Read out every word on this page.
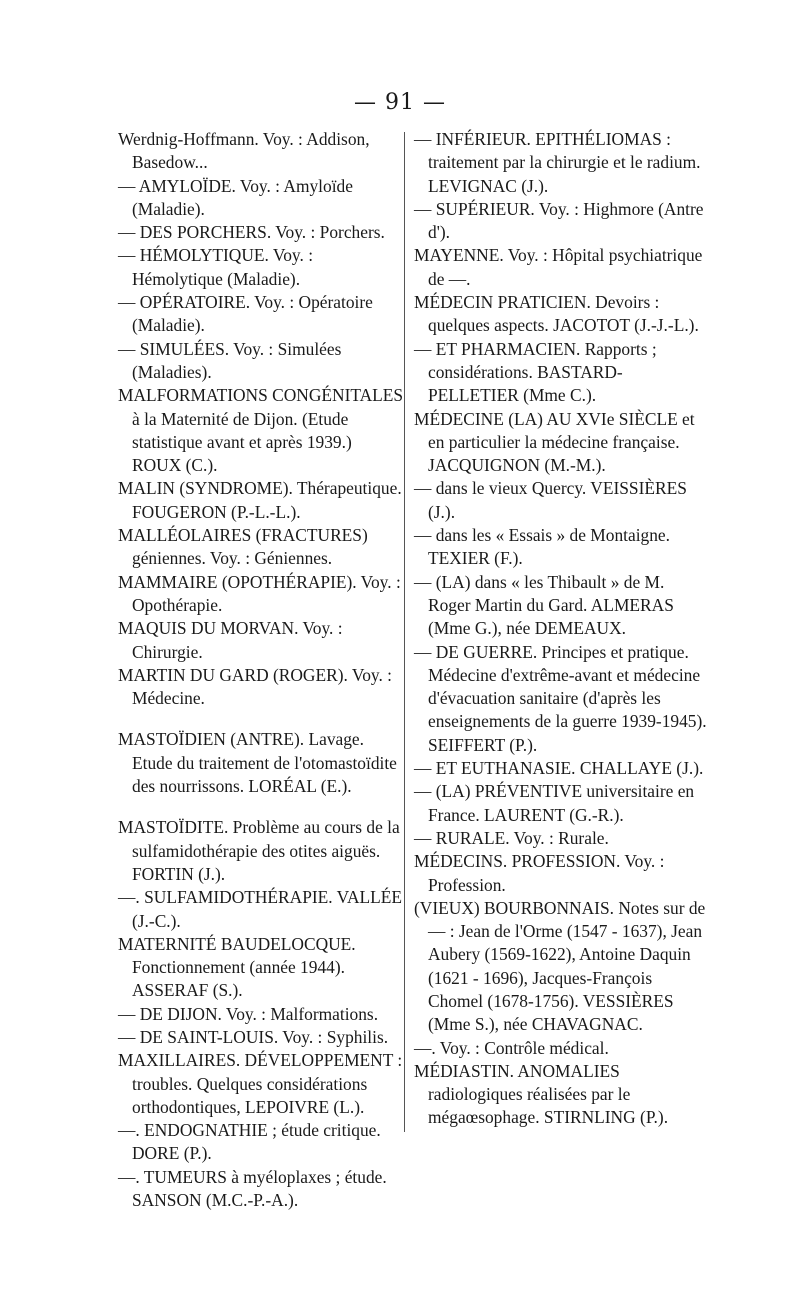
— 91 —

Werdnig-Hoffmann. Voy. : Addison, Basedow...

— AMYLOÏDE. Voy. : Amyloïde (Maladie).

— DES PORCHERS. Voy. : Porchers.

— HÉMOLYTIQUE. Voy. : Hémolytique (Maladie).

— OPÉRATOIRE. Voy. : Opératoire (Maladie).

— SIMULÉES. Voy. : Simulées (Maladies).

MALFORMATIONS CONGÉNITALES à la Maternité de Dijon. (Etude statistique avant et après 1939.) ROUX (C.).

MALIN (SYNDROME). Thérapeutique. FOUGERON (P.-L.-L.).

MALLÉOLAIRES (FRACTURES) géniennes. Voy. : Géniennes.

MAMMAIRE (OPOTHÉRAPIE). Voy. : Opothérapie.

MAQUIS DU MORVAN. Voy. : Chirurgie.

MARTIN DU GARD (ROGER). Voy. : Médecine.

MASTOÏDIEN (ANTRE). Lavage. Etude du traitement de l'otomastoïdite des nourrissons. LORÉAL (E.).

MASTOÏDITE. Problème au cours de la sulfamidothérapie des otites aiguës. FORTIN (J.).

—. SULFAMIDOTHÉRAPIE. VALLÉE (J.-C.).

MATERNITÉ BAUDELOCQUE. Fonctionnement (année 1944). ASSERAF (S.).

— DE DIJON. Voy. : Malformations.

— DE SAINT-LOUIS. Voy. : Syphilis.

MAXILLAIRES. DÉVELOPPEMENT : troubles. Quelques considérations orthodontiques, LEPOIVRE (L.).

—. ENDOGNATHIE ; étude critique. DORE (P.).

—. TUMEURS à myéloplaxes ; étude. SANSON (M.C.-P.-A.).

— INFÉRIEUR. EPITHÉLIOMAS : traitement par la chirurgie et le radium. LEVIGNAC (J.).

— SUPÉRIEUR. Voy. : Highmore (Antre d').

MAYENNE. Voy. : Hôpital psychiatrique de —.

MÉDECIN PRATICIEN. Devoirs : quelques aspects. JACOTOT (J.-J.-L.).

— ET PHARMACIEN. Rapports ; considérations. BASTARD-PELLETIER (Mme C.).

MÉDECINE (LA) AU XVIe SIÈCLE et en particulier la médecine française. JACQUIGNON (M.-M.).

— dans le vieux Quercy. VEISSIÈRES (J.).

— dans les « Essais » de Montaigne. TEXIER (F.).

— (LA) dans « les Thibault » de M. Roger Martin du Gard. ALMERAS (Mme G.), née DEMEAUX.

— DE GUERRE. Principes et pratique. Médecine d'extrême-avant et médecine d'évacuation sanitaire (d'après les enseignements de la guerre 1939-1945). SEIFFERT (P.).

— ET EUTHANASIE. CHALLAYE (J.).

— (LA) PRÉVENTIVE universitaire en France. LAURENT (G.-R.).

— RURALE. Voy. : Rurale.

MÉDECINS. PROFESSION. Voy. : Profession.

(VIEUX) BOURBONNAIS. Notes sur de — : Jean de l'Orme (1547 - 1637), Jean Aubery (1569-1622), Antoine Daquin (1621 - 1696), Jacques-François Chomel (1678-1756). VESSIÈRES (Mme S.), née CHAVAGNAC.

—. Voy. : Contrôle médical.

MÉDIASTIN. ANOMALIES radiologiques réalisées par le mégaœsophage. STIRNLING (P.).
